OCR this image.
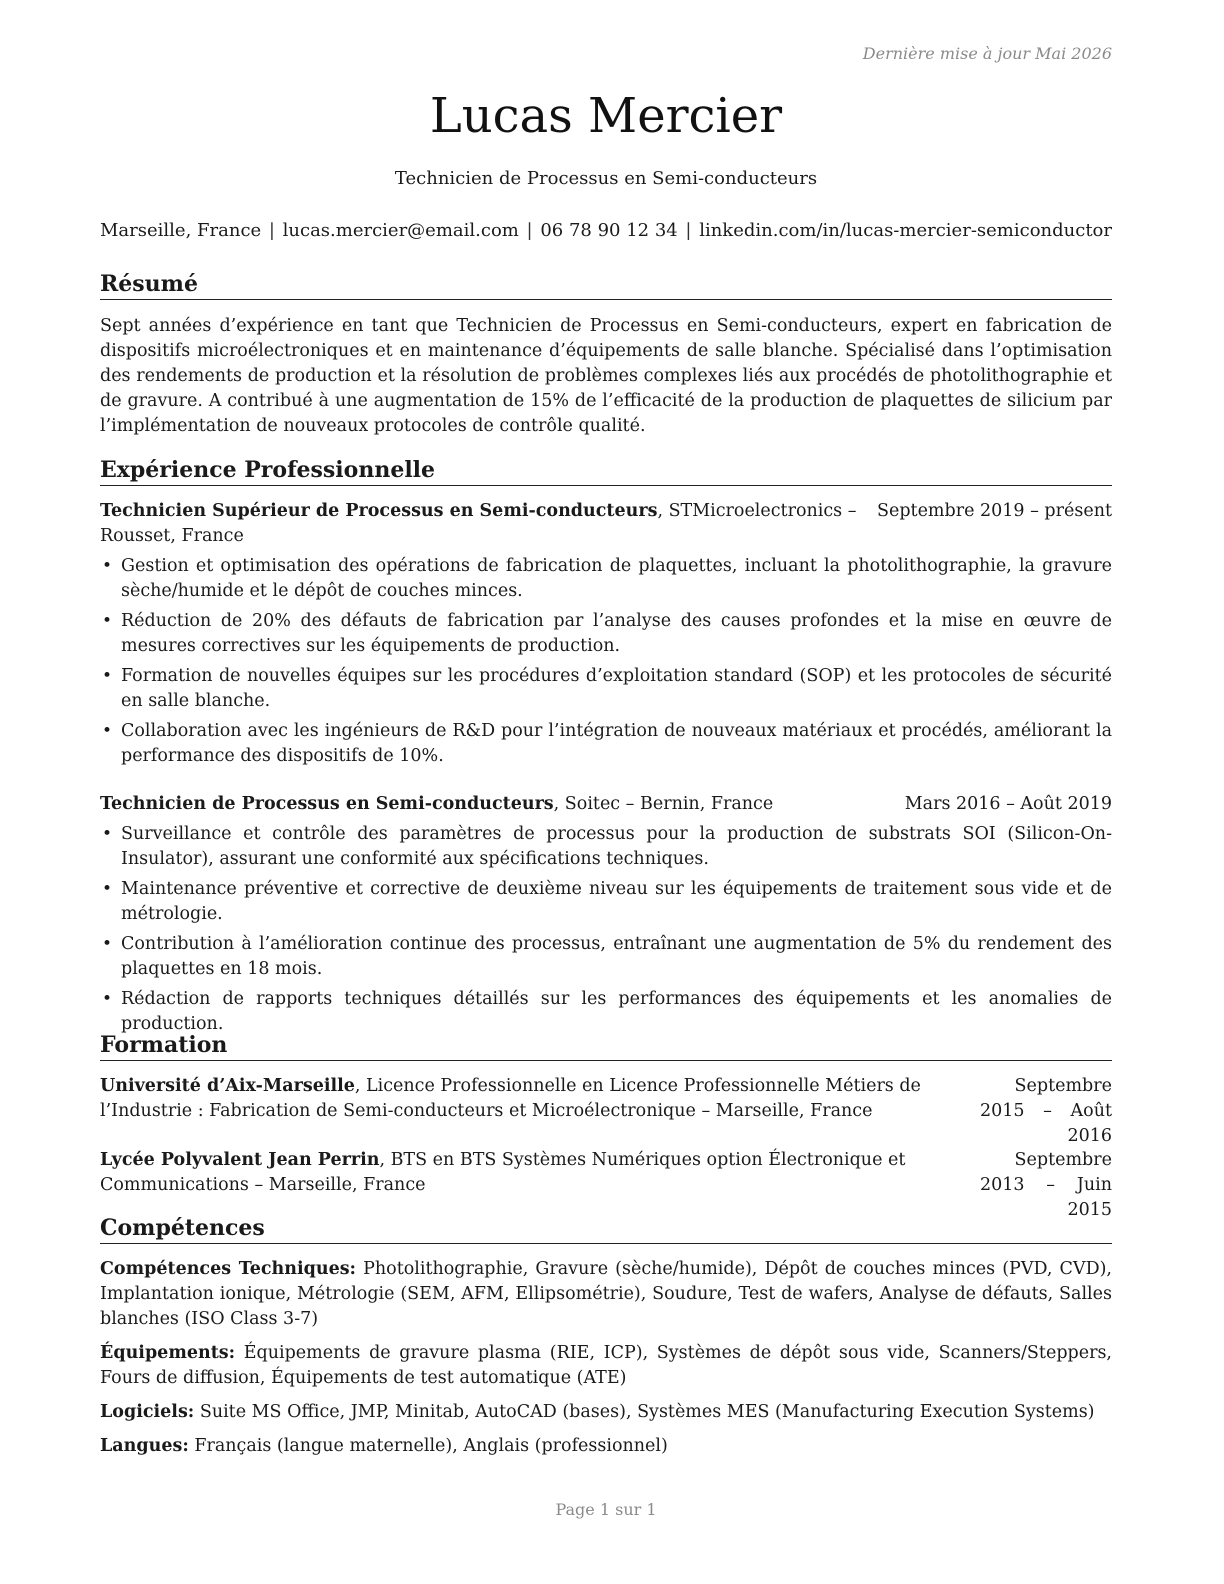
Dernière mise à jour Mai 2026
Lucas Mercier
Technicien de Processus en Semi-conducteurs
Marseille, France | lucas.mercier@email.com | 06 78 90 12 34 | linkedin.com/in/lucas-mercier-semiconductor
Résumé
Sept années d’expérience en tant que Technicien de Processus en Semi-conducteurs, expert en fabrication de dispositifs microélectroniques et en maintenance d’équipements de salle blanche. Spécialisé dans l’optimisation des rendements de production et la résolution de problèmes complexes liés aux procédés de photolithographie et de gravure. A contribué à une augmentation de 15% de l’efficacité de la production de plaquettes de silicium par l’implémentation de nouveaux protocoles de contrôle qualité.
Expérience Professionnelle
Septembre 2019 – présent
Technicien Supérieur de Processus en Semi-conducteurs, STMicroelectronics – Rousset, France
• Gestion et optimisation des opérations de fabrication de plaquettes, incluant la photolithographie, la gravure sèche/humide et le dépôt de couches minces.
• Réduction de 20% des défauts de fabrication par l’analyse des causes profondes et la mise en œuvre de mesures correctives sur les équipements de production.
• Formation de nouvelles équipes sur les procédures d’exploitation standard (SOP) et les protocoles de sécurité en salle blanche.
• Collaboration avec les ingénieurs de R&D pour l’intégration de nouveaux matériaux et procédés, améliorant la performance des dispositifs de 10%.
Mars 2016 – Août 2019
Technicien de Processus en Semi-conducteurs, Soitec – Bernin, France
• Surveillance et contrôle des paramètres de processus pour la production de substrats SOI (Silicon-On-Insulator), assurant une conformité aux spécifications techniques.
• Maintenance préventive et corrective de deuxième niveau sur les équipements de traitement sous vide et de métrologie.
• Contribution à l’amélioration continue des processus, entraînant une augmentation de 5% du rendement des plaquettes en 18 mois.
• Rédaction de rapports techniques détaillés sur les performances des équipements et les anomalies de production.
Formation
Université d’Aix-Marseille, Licence Professionnelle en Licence Professionnelle Métiers de l’Industrie : Fabrication de Semi-conducteurs et Microélectronique – Marseille, France
Septembre 2015 – Août
2016
Lycée Polyvalent Jean Perrin, BTS en BTS Systèmes Numériques option Électronique et Communications – Marseille, France
Septembre 2013 – Juin
2015
Compétences
Compétences Techniques: Photolithographie, Gravure (sèche/humide), Dépôt de couches minces (PVD, CVD), Implantation ionique, Métrologie (SEM, AFM, Ellipsométrie), Soudure, Test de wafers, Analyse de défauts, Salles blanches (ISO Class 3-7)
Équipements: Équipements de gravure plasma (RIE, ICP), Systèmes de dépôt sous vide, Scanners/Steppers, Fours de diffusion, Équipements de test automatique (ATE)
Logiciels: Suite MS Office, JMP, Minitab, AutoCAD (bases), Systèmes MES (Manufacturing Execution Systems)
Langues: Français (langue maternelle), Anglais (professionnel)
Page 1 sur 1
